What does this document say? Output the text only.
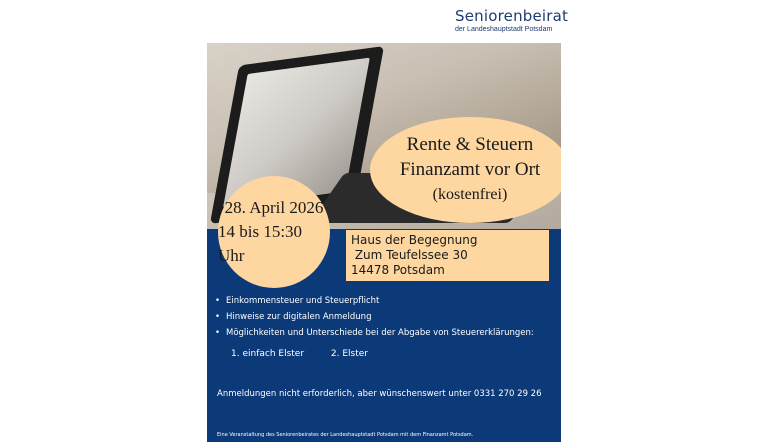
Seniorenbeirat
der Landeshauptstadt Potsdam
Rente & Steuern
Finanzamt vor Ort
(kostenfrei)
28. April 2026
14 bis 15:30 Uhr
Haus der Begegnung
Zum Teufelssee 30
14478 Potsdam
• Einkommensteuer und Steuerpflicht
• Hinweise zur digitalen Anmeldung
• Möglichkeiten und Unterschiede bei der Abgabe von Steuererklärungen:
1. einfach Elster	2. Elster
Anmeldungen nicht erforderlich, aber wünschenswert unter 0331 270 29 26
Eine Veranstaltung des Seniorenbeirates der Landeshauptstadt Potsdam mit dem Finanzamt Potsdam.
